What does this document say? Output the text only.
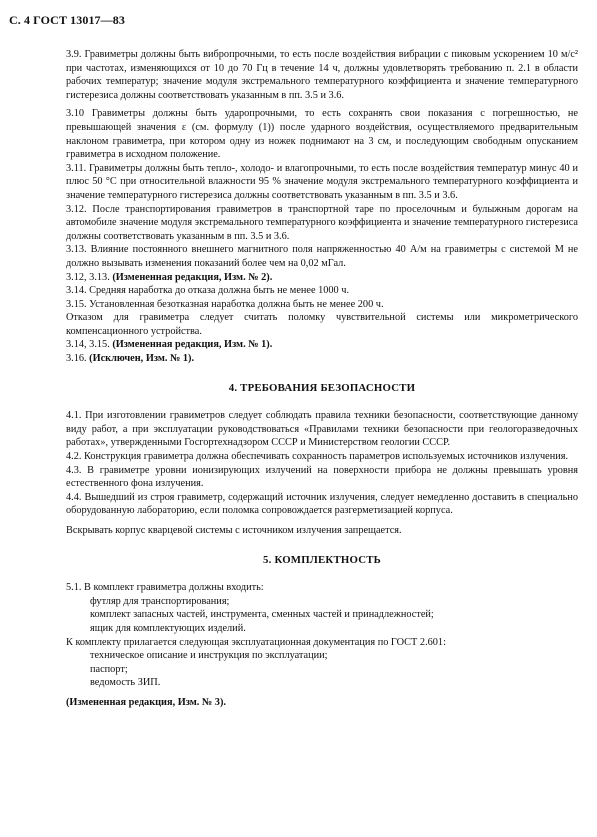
С. 4 ГОСТ 13017—83

3.9. Гравиметры должны быть вибропрочными, то есть после воздействия вибрации с пиковым ускорением 10 м/с² при частотах, изменяющихся от 10 до 70 Гц в течение 14 ч, должны удовлетворять требованию п. 2.1 в области рабочих температур; значение модуля экстремального температурного коэффициента и значение температурного гистерезиса должны соответствовать указанным в пп. 3.5 и 3.6.

3.10 Гравиметры должны быть ударопрочными, то есть сохранять свои показания с погрешностью, не превышающей значения ε (см. формулу (1)) после ударного воздействия, осуществляемого предварительным наклоном гравиметра, при котором одну из ножек поднимают на 3 см, и последующим свободным опусканием гравиметра в исходном положение.

3.11. Гравиметры должны быть тепло-, холодо- и влагопрочными, то есть после воздействия температур минус 40 и плюс 50 °С при относительной влажности 95 % значение модуля экстремального температурного коэффициента и значение температурного гистерезиса должны соответствовать указанным в пп. 3.5 и 3.6.

3.12. После транспортирования гравиметров в транспортной таре по проселочным и булыжным дорогам на автомобиле значение модуля экстремального температурного коэффициента и значение температурного гистерезиса должны соответствовать указанным в пп. 3.5 и 3.6.

3.13. Влияние постоянного внешнего магнитного поля напряженностью 40 А/м на гравиметры с системой М не должно вызывать изменения показаний более чем на 0,02 мГал.

3.12, 3.13. (Измененная редакция, Изм. № 2).

3.14. Средняя наработка до отказа должна быть не менее 1000 ч.

3.15. Установленная безотказная наработка должна быть не менее 200 ч.

Отказом для гравиметра следует считать поломку чувствительной системы или микрометрического компенсационного устройства.

3.14, 3.15. (Измененная редакция, Изм. № 1).

3.16. (Исключен, Изм. № 1).

4. ТРЕБОВАНИЯ БЕЗОПАСНОСТИ

4.1. При изготовлении гравиметров следует соблюдать правила техники безопасности, соответствующие данному виду работ, а при эксплуатации руководствоваться «Правилами техники безопасности при геологоразведочных работах», утвержденными Госгортехнадзором СССР и Министерством геологии СССР.

4.2. Конструкция гравиметра должна обеспечивать сохранность параметров используемых источников излучения.

4.3. В гравиметре уровни ионизирующих излучений на поверхности прибора не должны превышать уровня естественного фона излучения.

4.4. Вышедший из строя гравиметр, содержащий источник излучения, следует немедленно доставить в специально оборудованную лабораторию, если поломка сопровождается разгерметизацией корпуса.

Вскрывать корпус кварцевой системы с источником излучения запрещается.

5. КОМПЛЕКТНОСТЬ

5.1. В комплект гравиметра должны входить:

футляр для транспортирования;
комплект запасных частей, инструмента, сменных частей и принадлежностей;
ящик для комплектующих изделий.

К комплекту прилагается следующая эксплуатационная документация по ГОСТ 2.601:

техническое описание и инструкция по эксплуатации;
паспорт;
ведомость ЗИП.

(Измененная редакция, Изм. № 3).
